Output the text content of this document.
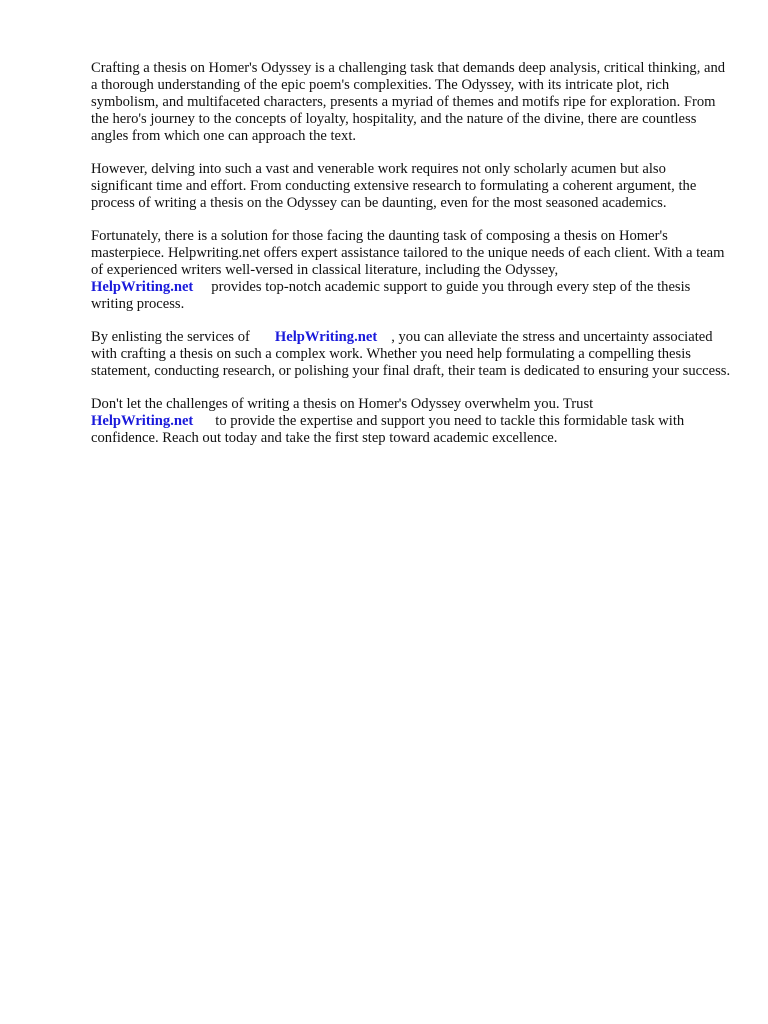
Crafting a thesis on Homer's Odyssey is a challenging task that demands deep analysis, critical thinking, and a thorough understanding of the epic poem's complexities. The Odyssey, with its intricate plot, rich symbolism, and multifaceted characters, presents a myriad of themes and motifs ripe for exploration. From the hero's journey to the concepts of loyalty, hospitality, and the nature of the divine, there are countless angles from which one can approach the text.

However, delving into such a vast and venerable work requires not only scholarly acumen but also significant time and effort. From conducting extensive research to formulating a coherent argument, the process of writing a thesis on the Odyssey can be daunting, even for the most seasoned academics.

Fortunately, there is a solution for those facing the daunting task of composing a thesis on Homer's masterpiece. Helpwriting.net offers expert assistance tailored to the unique needs of each client. With a team of experienced writers well-versed in classical literature, including the Odyssey,
HelpWriting.net provides top-notch academic support to guide you through every step of the thesis writing process.

By enlisting the services of HelpWriting.net , you can alleviate the stress and uncertainty associated with crafting a thesis on such a complex work. Whether you need help formulating a compelling thesis statement, conducting research, or polishing your final draft, their team is dedicated to ensuring your success.

Don't let the challenges of writing a thesis on Homer's Odyssey overwhelm you. Trust
HelpWriting.net to provide the expertise and support you need to tackle this formidable task with confidence. Reach out today and take the first step toward academic excellence.
